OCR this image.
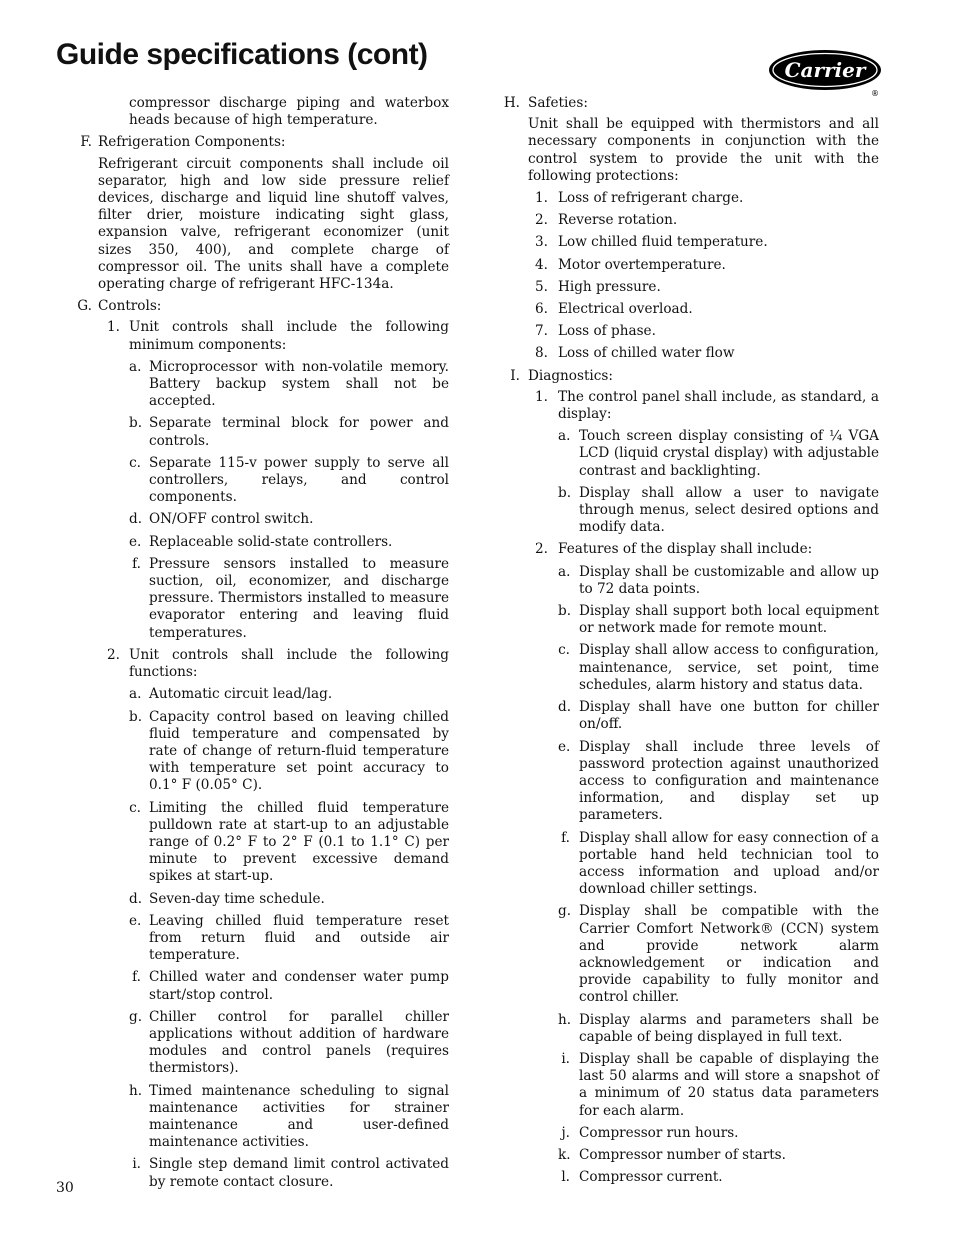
Guide specifications (cont)	Carrier
®
compressor discharge piping and waterbox heads because of high temperature.
F. Refrigeration Components:
Refrigerant circuit components shall include oil separator, high and low side pressure relief devices, discharge and liquid line shutoff valves, filter drier, moisture indicating sight glass, expansion valve, refrigerant economizer (unit sizes 350, 400), and complete charge of compressor oil. The units shall have a complete operating charge of refrigerant HFC-134a.
G. Controls:
1. Unit controls shall include the following minimum components:
a. Microprocessor with non-volatile memory. Battery backup system shall not be accepted.
b. Separate terminal block for power and controls.
c. Separate 115-v power supply to serve all controllers, relays, and control components.
d. ON/OFF control switch.
e. Replaceable solid-state controllers.
f. Pressure sensors installed to measure suction, oil, economizer, and discharge pressure. Thermistors installed to measure evaporator entering and leaving fluid temperatures.
2. Unit controls shall include the following functions:
a. Automatic circuit lead/lag.
b. Capacity control based on leaving chilled fluid temperature and compensated by rate of change of return-fluid temperature with temperature set point accuracy to 0.1° F (0.05° C).
c. Limiting the chilled fluid temperature pulldown rate at start-up to an adjustable range of 0.2° F to 2° F (0.1 to 1.1° C) per minute to prevent excessive demand spikes at start-up.
d. Seven-day time schedule.
e. Leaving chilled fluid temperature reset from return fluid and outside air temperature.
f. Chilled water and condenser water pump start/stop control.
g. Chiller control for parallel chiller applications without addition of hardware modules and control panels (requires thermistors).
h. Timed maintenance scheduling to signal maintenance activities for strainer maintenance and user-defined maintenance activities.
i. Single step demand limit control activated by remote contact closure.
H. Safeties:
Unit shall be equipped with thermistors and all necessary components in conjunction with the control system to provide the unit with the following protections:
1. Loss of refrigerant charge.
2. Reverse rotation.
3. Low chilled fluid temperature.
4. Motor overtemperature.
5. High pressure.
6. Electrical overload.
7. Loss of phase.
8. Loss of chilled water flow
I. Diagnostics:
1. The control panel shall include, as standard, a display:
a. Touch screen display consisting of ¼ VGA LCD (liquid crystal display) with adjustable contrast and backlighting.
b. Display shall allow a user to navigate through menus, select desired options and modify data.
2. Features of the display shall include:
a. Display shall be customizable and allow up to 72 data points.
b. Display shall support both local equipment or network made for remote mount.
c. Display shall allow access to configuration, maintenance, service, set point, time schedules, alarm history and status data.
d. Display shall have one button for chiller on/off.
e. Display shall include three levels of password protection against unauthorized access to configuration and maintenance information, and display set up parameters.
f. Display shall allow for easy connection of a portable hand held technician tool to access information and upload and/or download chiller settings.
g. Display shall be compatible with the Carrier Comfort Network® (CCN) system and provide network alarm acknowledgement or indication and provide capability to fully monitor and control chiller.
h. Display alarms and parameters shall be capable of being displayed in full text.
i. Display shall be capable of displaying the last 50 alarms and will store a snapshot of a minimum of 20 status data parameters for each alarm.
j. Compressor run hours.
k. Compressor number of starts.
l. Compressor current.
30
